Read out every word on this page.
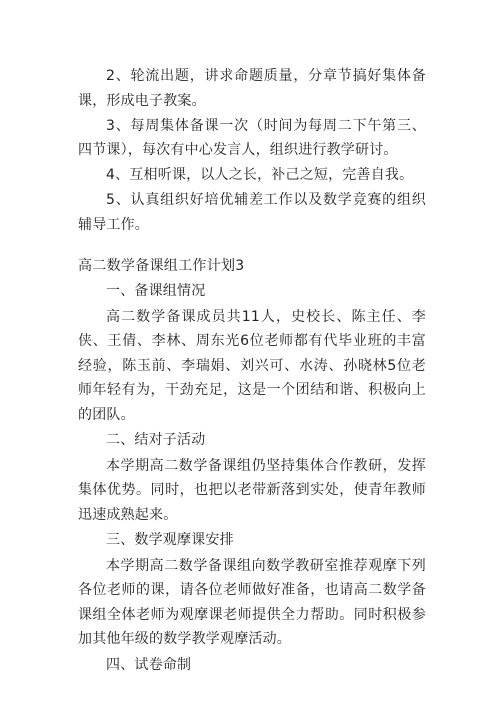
2、轮流出题，讲求命题质量，分章节搞好集体备课，形成电子教案。

3、每周集体备课一次（时间为每周二下午第三、四节课），每次有中心发言人，组织进行教学研讨。

4、互相听课，以人之长，补己之短，完善自我。

5、认真组织好培优辅差工作以及数学竞赛的组织辅导工作。

高二数学备课组工作计划3

一、备课组情况

高二数学备课成员共11人，史校长、陈主任、李侠、王倩、李林、周东光6位老师都有代毕业班的丰富经验，陈玉前、李瑞娟、刘兴可、水涛、孙晓林5位老师年轻有为，干劲充足，这是一个团结和谐、积极向上的团队。

二、结对子活动

本学期高二数学备课组仍坚持集体合作教研，发挥集体优势。同时，也把以老带新落到实处，使青年教师迅速成熟起来。

三、数学观摩课安排

本学期高二数学备课组向数学教研室推荐观摩下列各位老师的课，请各位老师做好准备，也请高二数学备课组全体老师为观摩课老师提供全力帮助。同时积极参加其他年级的数学教学观摩活动。

四、试卷命制
